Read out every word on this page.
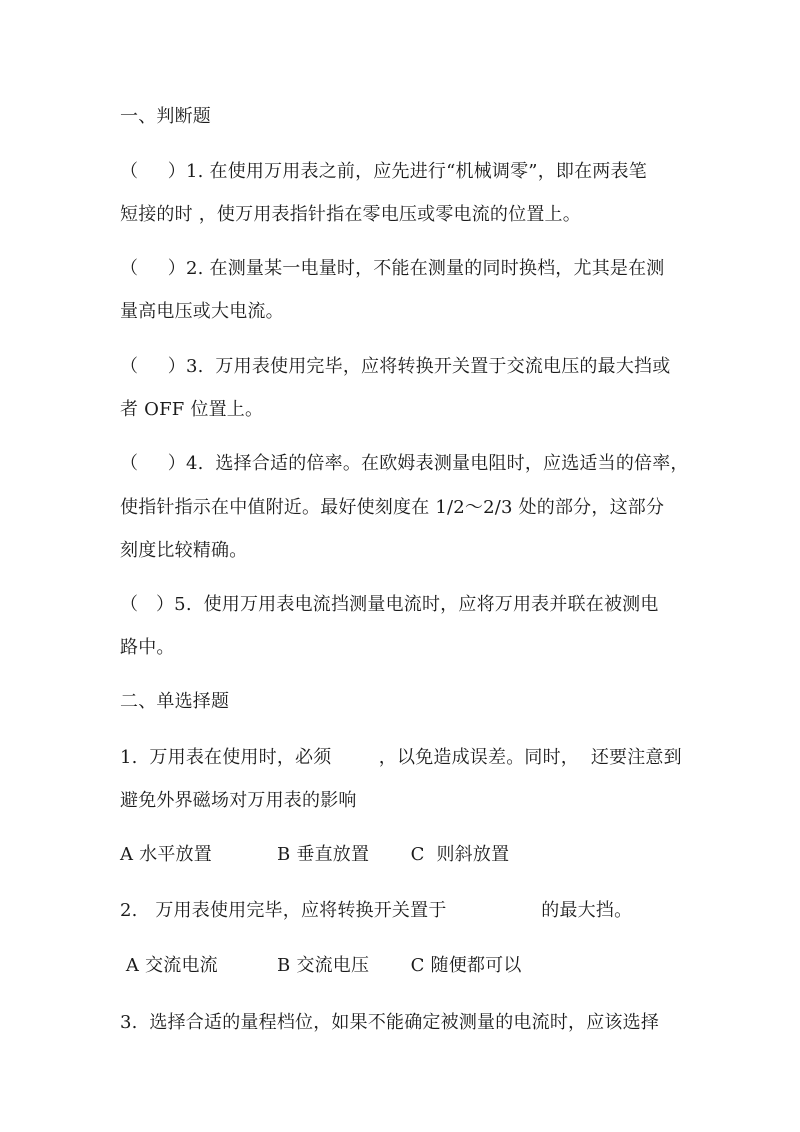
一、判断题
（     ）1. 在使用万用表之前，应先进行“机械调零”，即在两表笔
短接的时 ，使万用表指针指在零电压或零电流的位置上。
（     ）2. 在测量某一电量时，不能在测量的同时换档，尤其是在测
量高电压或大电流。
（     ）3.  万用表使用完毕，应将转换开关置于交流电压的最大挡或
者 OFF 位置上。
（     ）4.  选择合适的倍率。在欧姆表测量电阻时，应选适当的倍率，
使指针指示在中值附近。最好使刻度在 1/2～2/3 处的部分，这部分
刻度比较精确。
（   ）5.  使用万用表电流挡测量电流时，应将万用表并联在被测电
路中。
二、单选择题
1.  万用表在使用时，必须        ，以免造成误差。同时，  还要注意到
避免外界磁场对万用表的影响
A 水平放置           B 垂直放置       C  则斜放置
2.   万用表使用完毕，应将转换开关置于                的最大挡。
A 交流电流          B 交流电压       C 随便都可以
3.  选择合适的量程档位，如果不能确定被测量的电流时，应该选择
